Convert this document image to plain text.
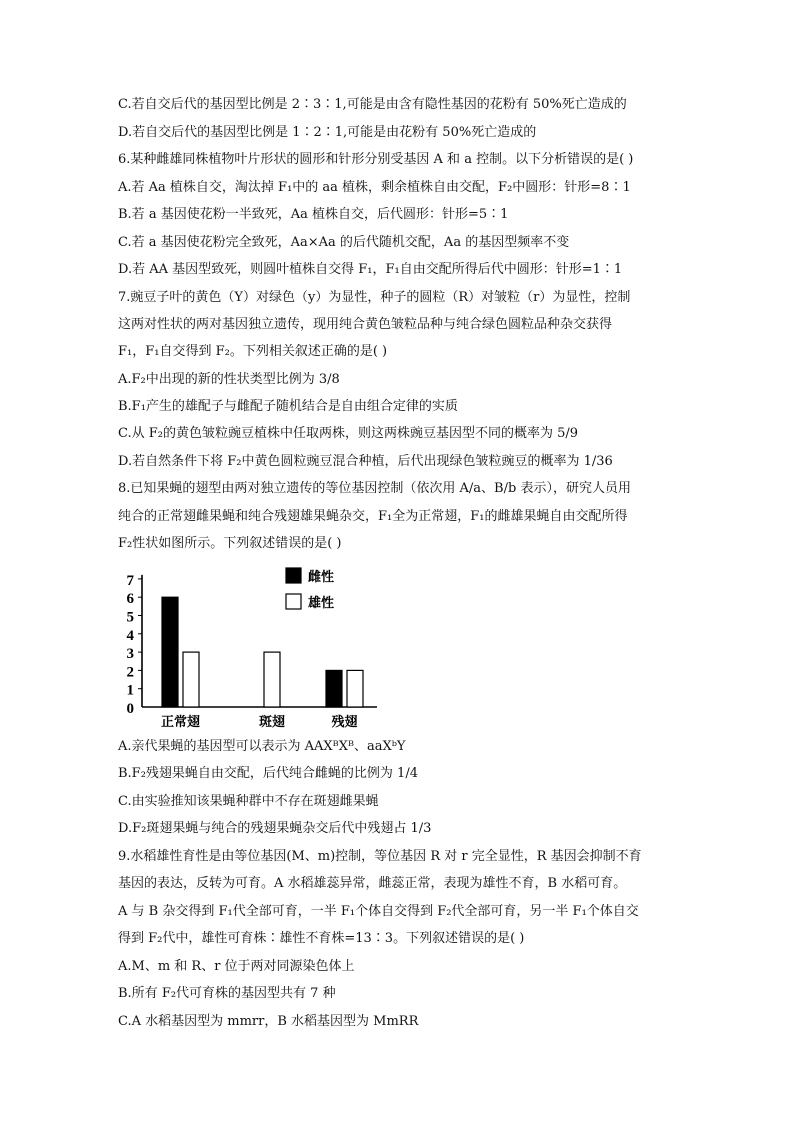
C.若自交后代的基因型比例是 2∶3∶1,可能是由含有隐性基因的花粉有 50%死亡造成的
D.若自交后代的基因型比例是 1∶2∶1,可能是由花粉有 50%死亡造成的
6.某种雌雄同株植物叶片形状的圆形和针形分别受基因 A 和 a 控制。以下分析错误的是( )
A.若 Aa 植株自交，淘汰掉 F₁中的 aa 植株，剩余植株自由交配，F₂中圆形：针形=8∶1
B.若 a 基因使花粉一半致死，Aa 植株自交，后代圆形：针形=5∶1
C.若 a 基因使花粉完全致死，Aa×Aa 的后代随机交配，Aa 的基因型频率不变
D.若 AA 基因型致死，则圆叶植株自交得 F₁，F₁自由交配所得后代中圆形：针形=1∶1
7.豌豆子叶的黄色（Y）对绿色（y）为显性，种子的圆粒（R）对皱粒（r）为显性，控制
这两对性状的两对基因独立遗传，现用纯合黄色皱粒品种与纯合绿色圆粒品种杂交获得
F₁，F₁自交得到 F₂。下列相关叙述正确的是( )
A.F₂中出现的新的性状类型比例为 3/8
B.F₁产生的雄配子与雌配子随机结合是自由组合定律的实质
C.从 F₂的黄色皱粒豌豆植株中任取两株，则这两株豌豆基因型不同的概率为 5/9
D.若自然条件下将 F₂中黄色圆粒豌豆混合种植，后代出现绿色皱粒豌豆的概率为 1/36
8.已知果蝇的翅型由两对独立遗传的等位基因控制（依次用 A/a、B/b 表示），研究人员用
纯合的正常翅雌果蝇和纯合残翅雄果蝇杂交，F₁全为正常翅，F₁的雌雄果蝇自由交配所得
F₂性状如图所示。下列叙述错误的是( )
A.亲代果蝇的基因型可以表示为 AAXᴮXᴮ、aaXᵇY
B.F₂残翅果蝇自由交配，后代纯合雌蝇的比例为 1/4
C.由实验推知该果蝇种群中不存在斑翅雌果蝇
D.F₂斑翅果蝇与纯合的残翅果蝇杂交后代中残翅占 1/3
9.水稻雄性育性是由等位基因(M、m)控制，等位基因 R 对 r 完全显性，R 基因会抑制不育
基因的表达，反转为可育。A 水稻雄蕊异常，雌蕊正常，表现为雄性不育，B 水稻可育。
A 与 B 杂交得到 F₁代全部可育，一半 F₁个体自交得到 F₂代全部可育，另一半 F₁个体自交
得到 F₂代中，雄性可育株∶雄性不育株=13∶3。下列叙述错误的是( )
A.M、m 和 R、r 位于两对同源染色体上
B.所有 F₂代可育株的基因型共有 7 种
C.A 水稻基因型为 mmrr，B 水稻基因型为 MmRR
0
1
2
3
4
5
6
7
正常翅	斑翅	残翅
雌性
雄性
